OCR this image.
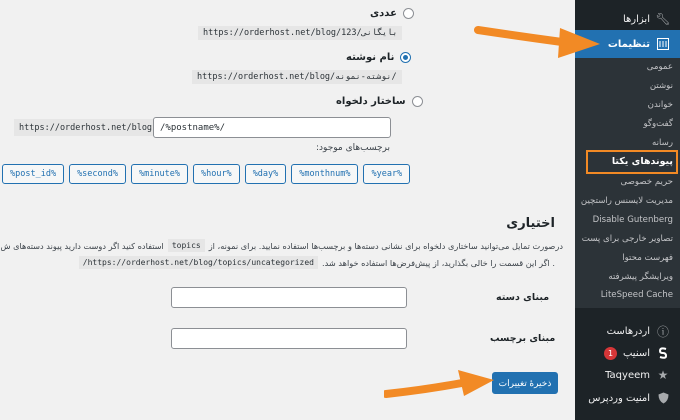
عددی
https://orderhost.net/blog/123/بایگانی
نام نوشته
https://orderhost.net/blog/نوشته-نمونه/
ساختار دلخواه
https://orderhost.net/blog /%postname%/
برچسب‌های موجود:
%post_id%	%second%	%minute%	%hour%	%day%	%monthnum%	%year%
اختیاری
درصورت تمایل می‌توانید ساختاری دلخواه برای نشانی دسته‌ها و برچسب‌ها استفاده نمایید. برای نمونه، از
topics
استفاده کنید اگر دوست دارید پیوند دسته‌های ش
. اگر این قسمت را خالی بگذارید، از پیش‌فرض‌ها استفاده خواهد شد.
https://orderhost.net/blog/topics/uncategorized/
مبنای دسته
مبنای برچسب
ذخیرهٔ تغییرات
🔧︎
ابزارها
تنظیمات
عمومی
نوشتن
خواندن
گفت‌وگو
رسانه
پیوندهای یکتا
حریم خصوصی
مدیریت لایسنس راستچین
Disable Gutenberg
تصاویر خارجی برای پست
فهرست محتوا
ویرایشگر پیشرفته
LiteSpeed Cache
ⓘ
اردرهاست
اسنیپ
1
★
Taqyeem
امنیت وردپرس
